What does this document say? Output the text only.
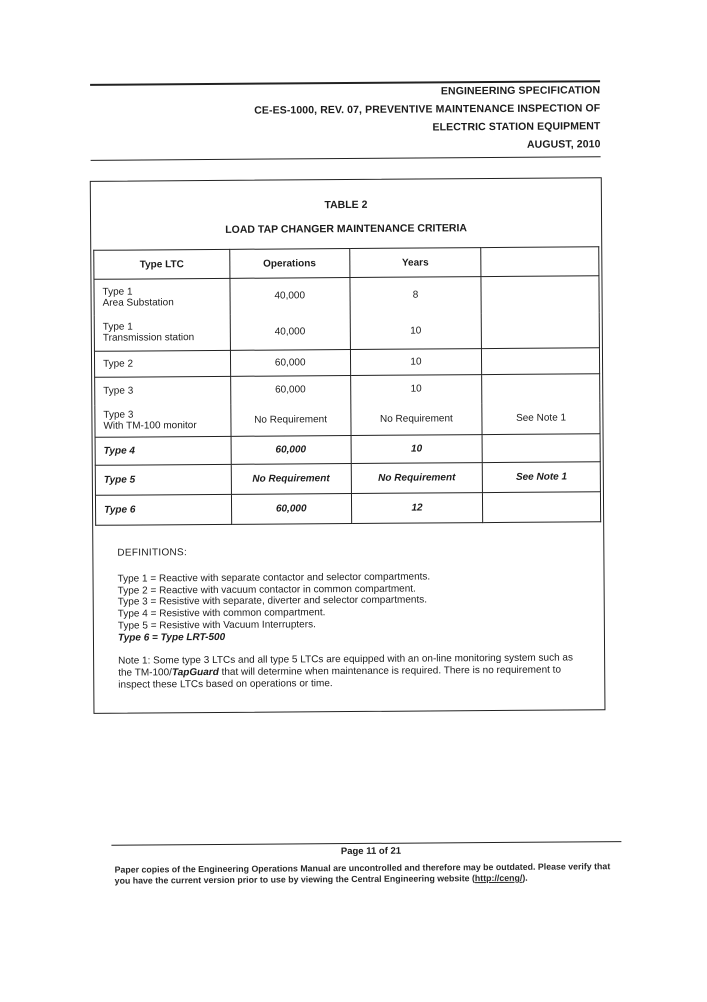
ENGINEERING SPECIFICATION
CE-ES-1000, REV. 07, PREVENTIVE MAINTENANCE INSPECTION OF
ELECTRIC STATION EQUIPMENT
AUGUST, 2010
TABLE 2
LOAD TAP CHANGER MAINTENANCE CRITERIA
Type LTC	Operations	Years	

Type 1
Area Substation	40,000	8	

Type 1
Transmission station	40,000	10	
Type 2	60,000	10	
Type 3	60,000	10	

Type 3
With TM-100 monitor	No Requirement	No Requirement	See Note 1
Type 4	60,000	10	
Type 5	No Requirement	No Requirement	See Note 1
Type 6	60,000	12	
DEFINITIONS:
Type 1 = Reactive with separate contactor and selector compartments.
Type 2 = Reactive with vacuum contactor in common compartment.
Type 3 = Resistive with separate, diverter and selector compartments.
Type 4 = Resistive with common compartment.
Type 5 = Resistive with Vacuum Interrupters.
Type 6 = Type LRT-500
Note 1: Some type 3 LTCs and all type 5 LTCs are equipped with an on-line monitoring system such as the TM-100/TapGuard that will determine when maintenance is required. There is no requirement to inspect these LTCs based on operations or time.
Page 11 of 21
Paper copies of the Engineering Operations Manual are uncontrolled and therefore may be outdated. Please verify that you have the current version prior to use by viewing the Central Engineering website (http://ceng/).
